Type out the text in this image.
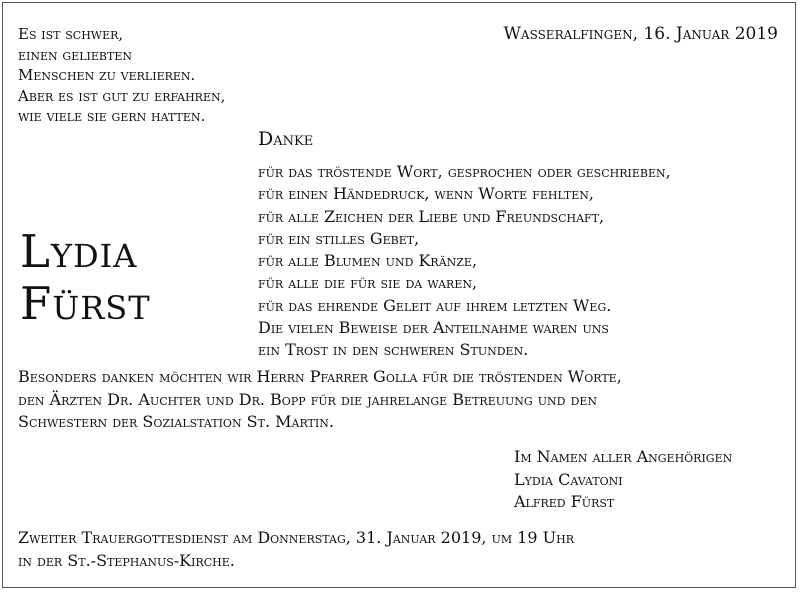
Es ist schwer,
einen geliebten
Menschen zu verlieren.
Aber es ist gut zu erfahren,
wie viele sie gern hatten.
Wasseralfingen, 16. Januar 2019
Lydia
Fürst
Danke
für das tröstende Wort, gesprochen oder geschrieben,
für einen Händedruck, wenn Worte fehlten,
für alle Zeichen der Liebe und Freundschaft,
für ein stilles Gebet,
für alle Blumen und Kränze,
für alle die für sie da waren,
für das ehrende Geleit auf ihrem letzten Weg.
Die vielen Beweise der Anteilnahme waren uns
ein Trost in den schweren Stunden.
Besonders danken möchten wir Herrn Pfarrer Golla für die tröstenden Worte,
den Ärzten Dr. Auchter und Dr. Bopp für die jahrelange Betreuung und den
Schwestern der Sozialstation St. Martin.
Im Namen aller Angehörigen
Lydia Cavatoni
Alfred Fürst
Zweiter Trauergottesdienst am Donnerstag, 31. Januar 2019, um 19 Uhr
in der St.-Stephanus-Kirche.
